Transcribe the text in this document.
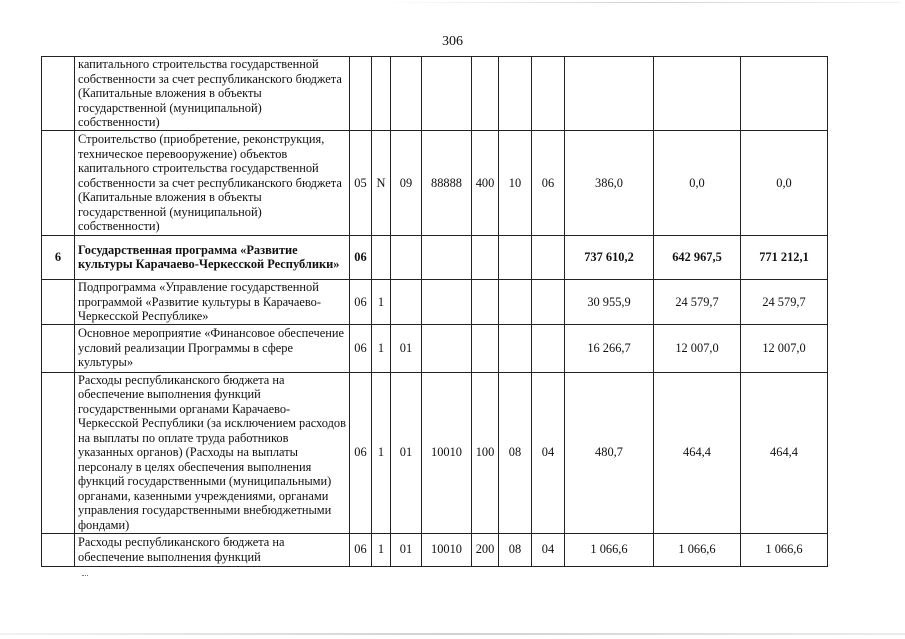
306
	капитального строительства государственной собственности за счет республиканского бюджета (Капитальные вложения в объекты государственной (муниципальной) собственности)										
	Строительство (приобретение, реконструкция, техническое перевооружение) объектов капитального строительства государственной собственности за счет республиканского бюджета (Капитальные вложения в объекты государственной (муниципальной) собственности)	05	N	09	88888	400	10	06	386,0	0,0	0,0
6	Государственная программа «Развитие культуры Карачаево-Черкесской Республики»	06							737 610,2	642 967,5	771 212,1
	Подпрограмма «Управление государственной программой «Развитие культуры в Карачаево-Черкесской Республике»	06	1						30 955,9	24 579,7	24 579,7
	Основное мероприятие «Финансовое обеспечение условий реализации Программы в сфере культуры»	06	1	01					16 266,7	12 007,0	12 007,0
	Расходы республиканского бюджета на обеспечение выполнения функций государственными органами Карачаево-Черкесской Республики (за исключением расходов на выплаты по оплате труда работников указанных органов) (Расходы на выплаты персоналу в целях обеспечения выполнения функций государственными (муниципальными) органами, казенными учреждениями, органами управления государственными внебюджетными фондами)	06	1	01	10010	100	08	04	480,7	464,4	464,4
	Расходы республиканского бюджета на обеспечение выполнения функций	06	1	01	10010	200	08	04	1 066,6	1 066,6	1 066,6
